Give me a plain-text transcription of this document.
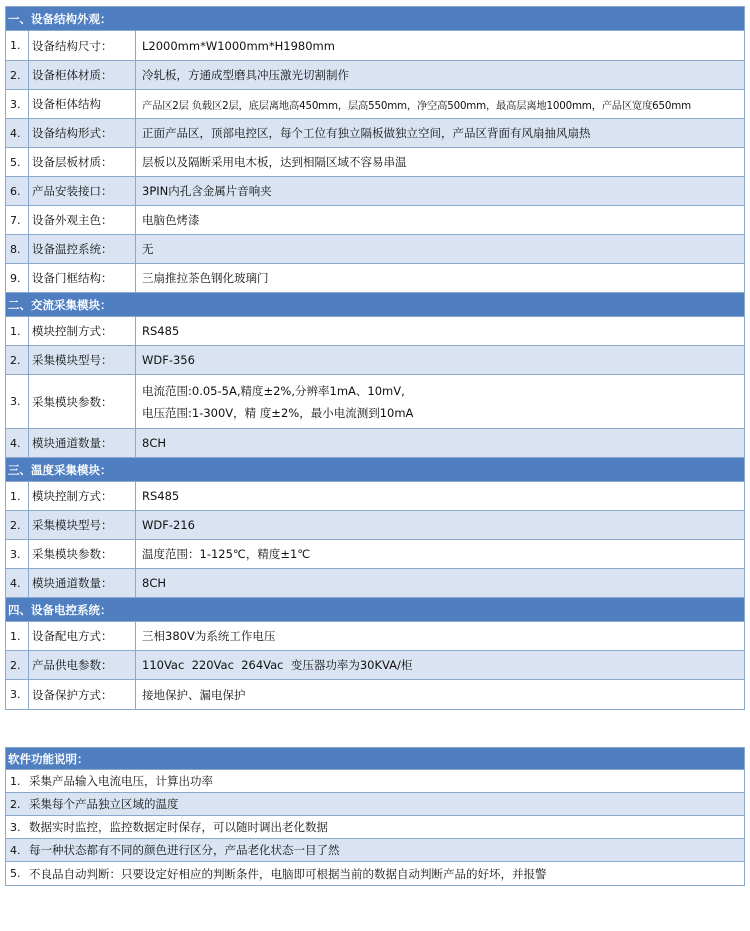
一、设备结构外观：
1.	设备结构尺寸：	L2000mm*W1000mm*H1980mm
2.	设备柜体材质：	冷轧板，方通成型磨具冲压激光切割制作
3.	设备柜体结构	产品区2层 负载区2层，底层离地高450mm，层高550mm，净空高500mm，最高层离地1000mm，产品区宽度650mm
4.	设备结构形式：	正面产品区，顶部电控区，每个工位有独立隔板做独立空间，产品区背面有风扇抽风扇热
5.	设备层板材质：	层板以及隔断采用电木板，达到相隔区域不容易串温
6.	产品安装接口：	3PIN内孔含金属片音响夹
7.	设备外观主色：	电脑色烤漆
8.	设备温控系统：	无
9.	设备门框结构：	三扇推拉茶色钢化玻璃门
二、交流采集模块：
1.	模块控制方式：	RS485
2.	采集模块型号：	WDF-356
3.	采集模块参数：
电流范围:0.05-5A,精度±2%,分辨率1mA、10mV,
电压范围:1-300V，精 度±2%，最小电流测到10mA
4.	模块通道数量：	8CH
三、温度采集模块：
1.	模块控制方式：	RS485
2.	采集模块型号：	WDF-216
3.	采集模块参数：	温度范围：1-125℃，精度±1℃
4.	模块通道数量：	8CH
四、设备电控系统：
1.	设备配电方式：	三相380V为系统工作电压
2.	产品供电参数：	110Vac  220Vac  264Vac  变压器功率为30KVA/柜
3.	设备保护方式：	接地保护、漏电保护
软件功能说明：
1. 采集产品输入电流电压，计算出功率
2. 采集每个产品独立区域的温度
3. 数据实时监控，监控数据定时保存，可以随时调出老化数据
4. 每一种状态都有不同的颜色进行区分，产品老化状态一目了然
5. 不良品自动判断：只要设定好相应的判断条件，电脑即可根据当前的数据自动判断产品的好坏，并报警
